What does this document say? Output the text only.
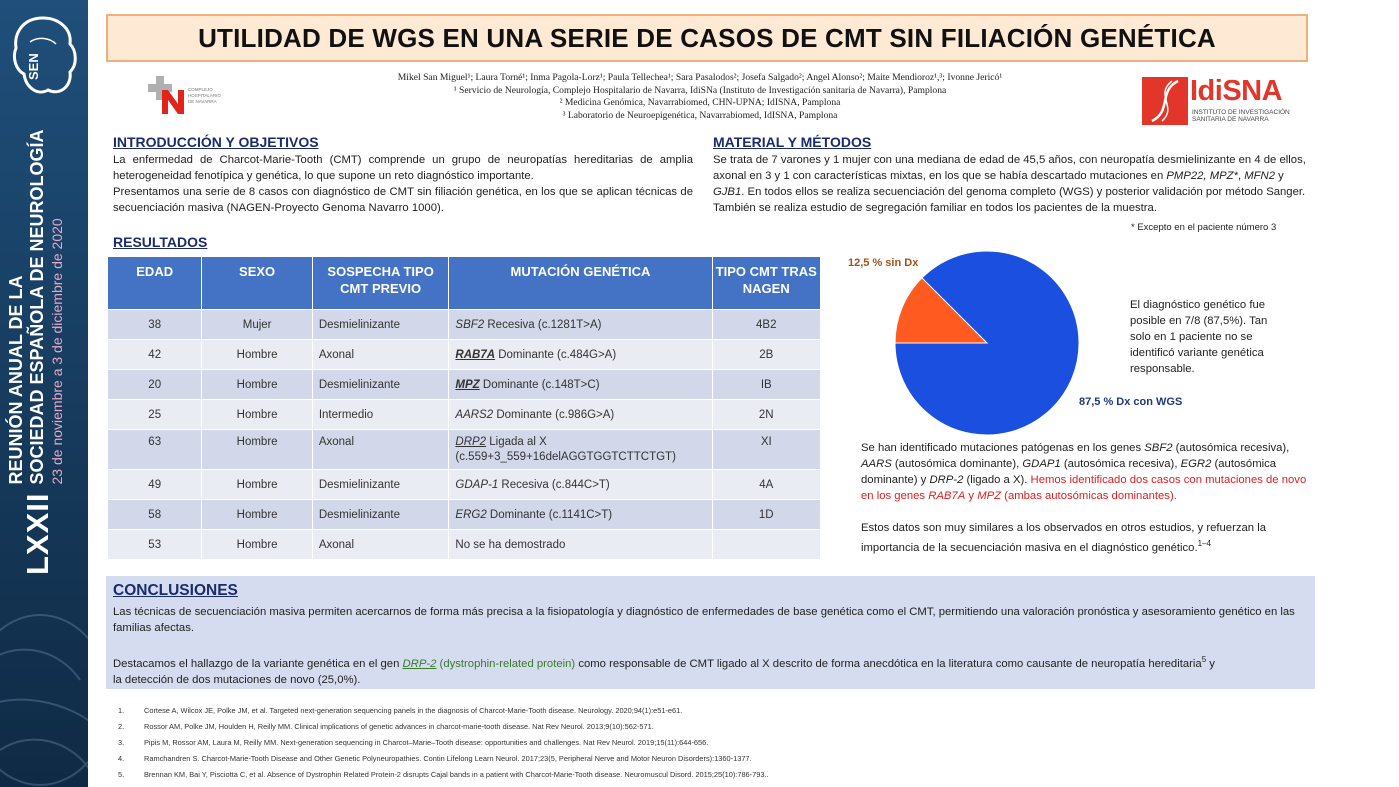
SEN
LXXII
REUNIÓN ANUAL DE LA SOCIEDAD ESPAÑOLA DE NEUROLOGÍA 23 de noviembre a 3 de diciembre de 2020
UTILIDAD DE WGS EN UNA SERIE DE CASOS DE CMT SIN FILIACIÓN GENÉTICA
Mikel San Miguel¹; Laura Torné¹; Inma Pagola-Lorz¹; Paula Tellechea¹; Sara Pasalodos²; Josefa Salgado²; Angel Alonso²; Maite Mendioroz¹,³; Ivonne Jericó¹
¹ Servicio de Neurología, Complejo Hospitalario de Navarra, IdiSNa (Instituto de Investigación sanitaria de Navarra), Pamplona
² Medicina Genómica, Navarrabiomed, CHN-UPNA; IdISNA, Pamplona
³ Laboratorio de Neuroepigenética, Navarrabiomed, IdISNA, Pamplona
COMPLEJO HOSPITALARIO DE NAVARRA	IdiSNA
INSTITUTO DE INVESTIGACIÓN
SANITARIA DE NAVARRA
INTRODUCCIÓN Y OBJETIVOS
La enfermedad de Charcot-Marie-Tooth (CMT) comprende un grupo de neuropatías hereditarias de amplia heterogeneidad fenotípica y genética, lo que supone un reto diagnóstico importante.
Presentamos una serie de 8 casos con diagnóstico de CMT sin filiación genética, en los que se aplican técnicas de secuenciación masiva (NAGEN-Proyecto Genoma Navarro 1000).
MATERIAL Y MÉTODOS
Se trata de 7 varones y 1 mujer con una mediana de edad de 45,5 años, con neuropatía desmielinizante en 4 de ellos, axonal en 3 y 1 con características mixtas, en los que se había descartado mutaciones en PMP22, MPZ*, MFN2 y GJB1. En todos ellos se realiza secuenciación del genoma completo (WGS) y posterior validación por método Sanger. También se realiza estudio de segregación familiar en todos los pacientes de la muestra.
* Excepto en el paciente número 3
RESULTADOS
EDAD	SEXO	SOSPECHA TIPO CMT PREVIO	MUTACIÓN GENÉTICA	TIPO CMT TRAS NAGEN
38	Mujer	Desmielinizante	SBF2 Recesiva (c.1281T>A)	4B2
42	Hombre	Axonal	RAB7A Dominante (c.484G>A)	2B
20	Hombre	Desmielinizante	MPZ Dominante (c.148T>C)	IB
25	Hombre	Intermedio	AARS2 Dominante (c.986G>A)	2N
63	Hombre	Axonal	DRP2 Ligada al X
(c.559+3_559+16delAGGTGGTCTTCTGT)	XI
49	Hombre	Desmielinizante	GDAP-1 Recesiva (c.844C>T)	4A
58	Hombre	Desmielinizante	ERG2 Dominante (c.1141C>T)	1D
53	Hombre	Axonal	No se ha demostrado	
12,5 % sin Dx
87,5 % Dx con WGS
El diagnóstico genético fue posible en 7/8 (87,5%). Tan solo en 1 paciente no se identificó variante genética responsable.
Se han identificado mutaciones patógenas en los genes SBF2 (autosómica recesiva), AARS (autosómica dominante), GDAP1 (autosómica recesiva), EGR2 (autosómica dominante) y DRP-2 (ligado a X). Hemos identificado dos casos con mutaciones de novo en los genes RAB7A y MPZ (ambas autosómicas dominantes).
Estos datos son muy similares a los observados en otros estudios, y refuerzan la importancia de la secuenciación masiva en el diagnóstico genético.$^{1-4}$
CONCLUSIONES
Las técnicas de secuenciación masiva permiten acercarnos de forma más precisa a la fisiopatología y diagnóstico de enfermedades de base genética como el CMT, permitiendo una valoración pronóstica y asesoramiento genético en las familias afectas.
Destacamos el hallazgo de la variante genética en el gen DRP-2 (dystrophin-related protein) como responsable de CMT ligado al X descrito de forma anecdótica en la literatura como causante de neuropatía hereditaria$^5$ y
la detección de dos mutaciones de novo (25,0%).
1.	Cortese A, Wilcox JE, Polke JM, et al. Targeted next-generation sequencing panels in the diagnosis of Charcot-Marie-Tooth disease. Neurology. 2020;94(1):e51-e61.
2.	Rossor AM, Polke JM, Houlden H, Reilly MM. Clinical implications of genetic advances in charcot-marie-tooth disease. Nat Rev Neurol. 2013;9(10):562-571.
3.	Pipis M, Rossor AM, Laura M, Reilly MM. Next-generation sequencing in Charcot–Marie–Tooth disease: opportunities and challenges. Nat Rev Neurol. 2019;15(11):644-656.
4.	Ramchandren S. Charcot-Marie-Tooth Disease and Other Genetic Polyneuropathies. Contin Lifelong Learn Neurol. 2017;23(5, Peripheral Nerve and Motor Neuron Disorders):1360-1377.
5.	Brennan KM, Bai Y, Pisciotta C, et al. Absence of Dystrophin Related Protein-2 disrupts Cajal bands in a patient with Charcot-Marie-Tooth disease. Neuromuscul Disord. 2015;25(10):786-793..
